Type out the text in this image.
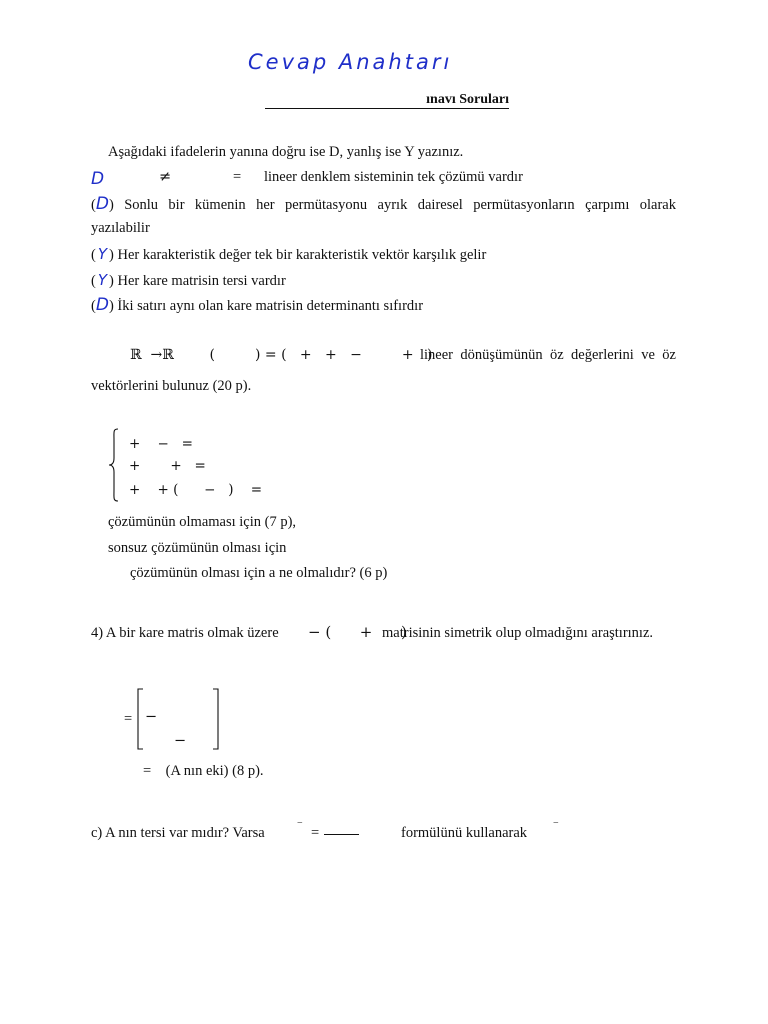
Cevap Anahtarı
ınavı Soruları
Aşağıdaki ifadelerin yanına doğru ise D, yanlış ise Y yazınız.
D	≠	= lineer denklem sisteminin tek çözümü vardır
(D) Sonlu bir kümenin her permütasyonu ayrık dairesel permütasyonların çarpımı olarak
yazılabilir
( Y ) Her karakteristik değer tek bir karakteristik vektör karşılık gelir
( Y ) Her kare matrisin tersi vardır
(D) İki satırı aynı olan kare matrisin determinantı sıfırdır
ℝ  →ℝ        (         ) = (   +   +   −         +   )
lineer dönüşümünün öz değerlerini ve öz
vektörlerini bulunuz (20 p).
+    −   =
+       +   =
+    + (      −   )    =
çözümünün olmaması için (7 p),
sonsuz çözümünün olması için
çözümünün olması için a ne olmalıdır? (6 p)
4) A bir kare matris olmak üzere − (      +      )
matrisinin simetrik olup olmadığını araştırınız.
= −
−
=    (A nın eki) (8 p).
c) A nın tersi var mıdır? Varsa
−
=	formülünü kullanarak
−
